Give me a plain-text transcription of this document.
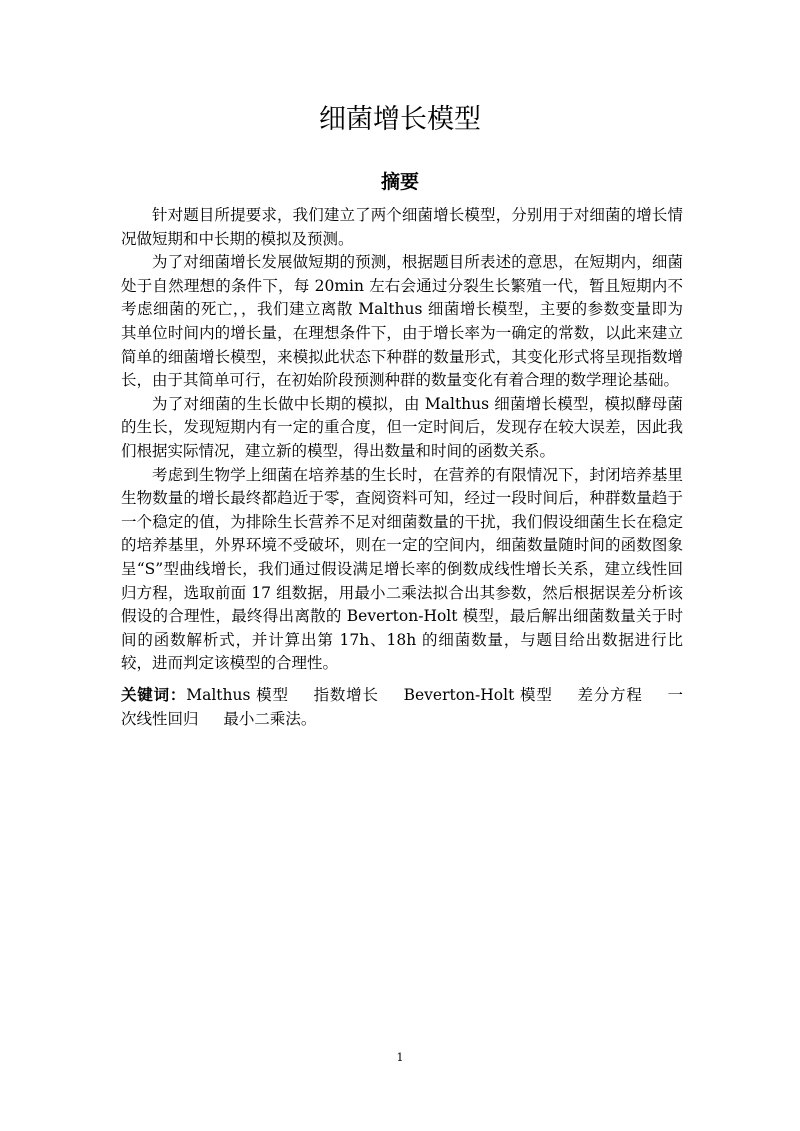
细菌增长模型
摘要

针对题目所提要求，我们建立了两个细菌增长模型，分别用于对细菌的增长情况做短期和中长期的模拟及预测。

为了对细菌增长发展做短期的预测，根据题目所表述的意思，在短期内，细菌处于自然理想的条件下，每 20min 左右会通过分裂生长繁殖一代，暂且短期内不考虑细菌的死亡，，我们建立离散 Malthus 细菌增长模型，主要的参数变量即为其单位时间内的增长量，在理想条件下，由于增长率为一确定的常数，以此来建立简单的细菌增长模型，来模拟此状态下种群的数量形式，其变化形式将呈现指数增长，由于其简单可行，在初始阶段预测种群的数量变化有着合理的数学理论基础。

为了对细菌的生长做中长期的模拟，由 Malthus 细菌增长模型，模拟酵母菌的生长，发现短期内有一定的重合度，但一定时间后，发现存在较大误差，因此我们根据实际情况，建立新的模型，得出数量和时间的函数关系。

考虑到生物学上细菌在培养基的生长时，在营养的有限情况下，封闭培养基里生物数量的增长最终都趋近于零，查阅资料可知，经过一段时间后，种群数量趋于一个稳定的值，为排除生长营养不足对细菌数量的干扰，我们假设细菌生长在稳定的培养基里，外界环境不受破坏，则在一定的空间内，细菌数量随时间的函数图象呈“S”型曲线增长，我们通过假设满足增长率的倒数成线性增长关系，建立线性回归方程，选取前面 17 组数据，用最小二乘法拟合出其参数，然后根据误差分析该假设的合理性，最终得出离散的 Beverton-Holt 模型，最后解出细菌数量关于时间的函数解析式，并计算出第 17h、18h 的细菌数量，与题目给出数据进行比较，进而判定该模型的合理性。

关键词：Malthus 模型 指数增长 Beverton-Holt 模型 差分方程 一次线性回归 最小二乘法。

1
